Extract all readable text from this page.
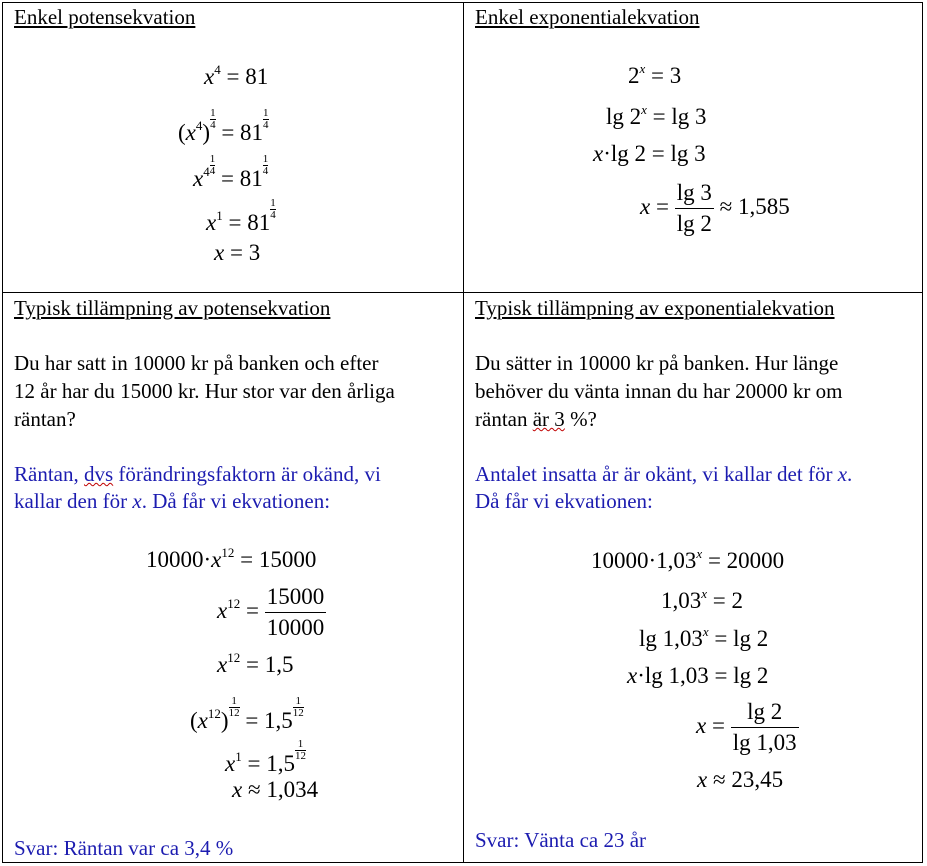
Enkel potensekvation
$x^4 = 81$
$(x^4)$
$\frac{1}{4}$
= 81
$\frac{1}{4}$
$x^4 \frac{1}{4}$
= 81
$\frac{1}{4}$
$x^1 = 81$
$\frac{1}{4}$
x = 3
Enkel exponentialekvation
$2^x = 3$
$\lg 2^x = \lg 3$
x·lg 2 = lg 3
$x = \frac{\lg 3}{\lg 2} \approx 1,585$
Typisk tillämpning av potensekvation
Du har satt in 10000 kr på banken och efter
12 år har du 15000 kr. Hur stor var den årliga
räntan?
Räntan, dvs förändringsfaktorn är okänd, vi
kallar den för x. Då får vi ekvationen:
$10000\cdot x^{12} = 15000$
$x^{12} = \frac{15000}{10000}$
$x^{12} = 1,5$
$(x^{12})$
$\frac{1}{12}$
= 1,5
$\frac{1}{12}$
$x^1 = 1,5$
$\frac{1}{12}$
x ≈ 1,034
Svar: Räntan var ca 3,4 %
Typisk tillämpning av exponentialekvation
Du sätter in 10000 kr på banken. Hur länge
behöver du vänta innan du har 20000 kr om
räntan är 3 %?
Antalet insatta år är okänt, vi kallar det för x.
Då får vi ekvationen:
$10000\cdot 1,03^x = 20000$
$1,03^x = 2$
$\lg 1,03^x = \lg 2$
x·lg 1,03 = lg 2
$x = \frac{\lg 2}{\lg 1,03}$
x ≈ 23,45
Svar: Vänta ca 23 år
